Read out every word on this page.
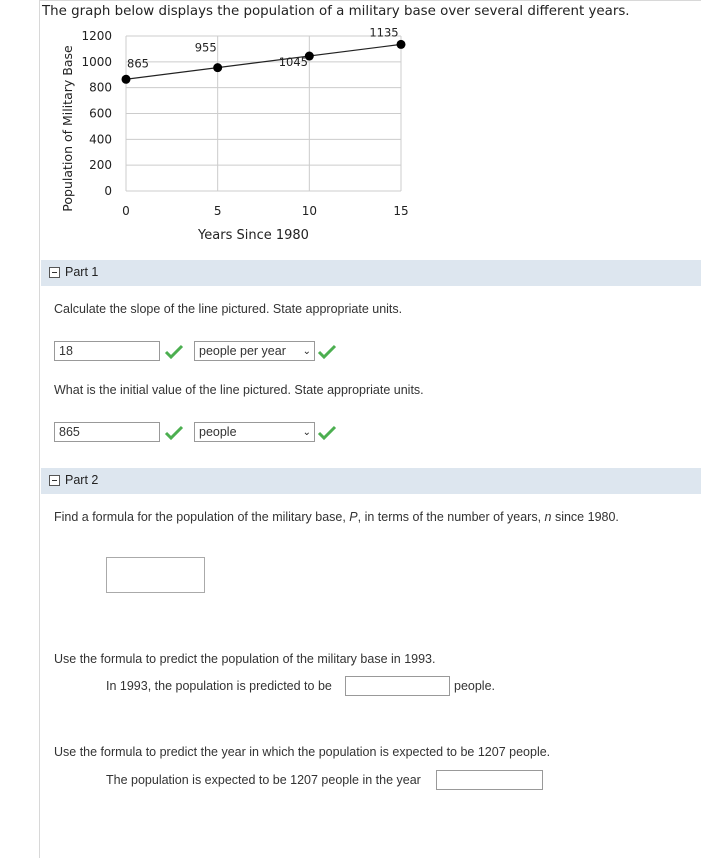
The graph below displays the population of a military base over several different years.
0
200
400
600
800
1000
1200
0	5	10	15
Years Since 1980
Population of Military Base	865
955
1045
1135
Part 1
Calculate the slope of the line pictured. State appropriate units.
18	people per year ⌄
What is the initial value of the line pictured. State appropriate units.
865	people	⌄
Part 2
Find a formula for the population of the military base, P, in terms of the number of years, n since 1980.
Use the formula to predict the population of the military base in 1993.
In 1993, the population is predicted to be	people.
Use the formula to predict the year in which the population is expected to be 1207 people.
The population is expected to be 1207 people in the year
